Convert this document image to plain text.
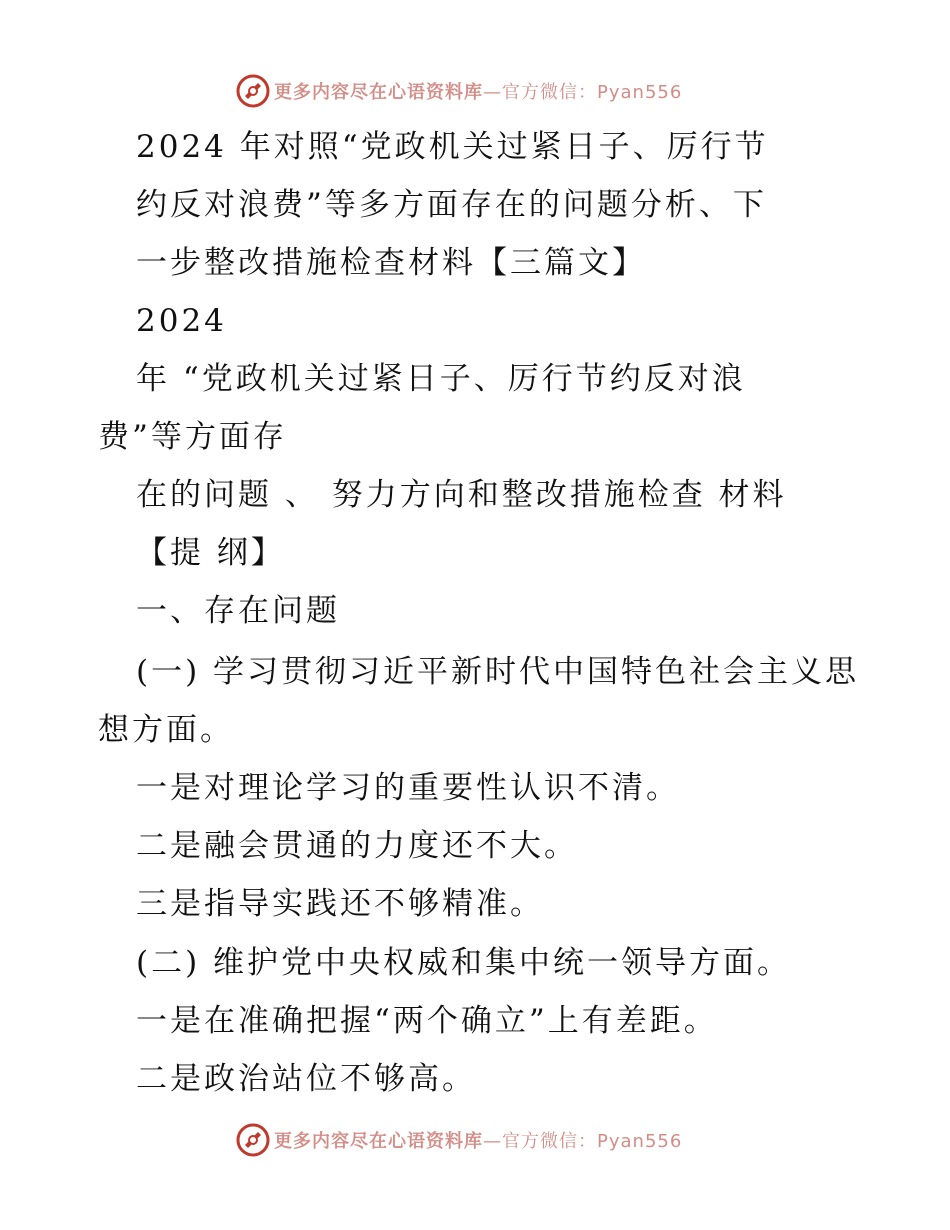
更多内容尽在心语资料库—官方微信：Pyan556
2024 年对照“党政机关过紧日子、厉行节
约反对浪费”等多方面存在的问题分析、下
一步整改措施检查材料【三篇文】
2024
年 “党政机关过紧日子、厉行节约反对浪
费”等方面存
在的问题 、 努力方向和整改措施检查 材料
【提 纲】
一、存在问题
(一) 学习贯彻习近平新时代中国特色社会主义思
想方面。
一是对理论学习的重要性认识不清。
二是融会贯通的力度还不大。
三是指导实践还不够精准。
(二) 维护党中央权威和集中统一领导方面。
一是在准确把握“两个确立”上有差距。
二是政治站位不够高。
更多内容尽在心语资料库—官方微信：Pyan556
